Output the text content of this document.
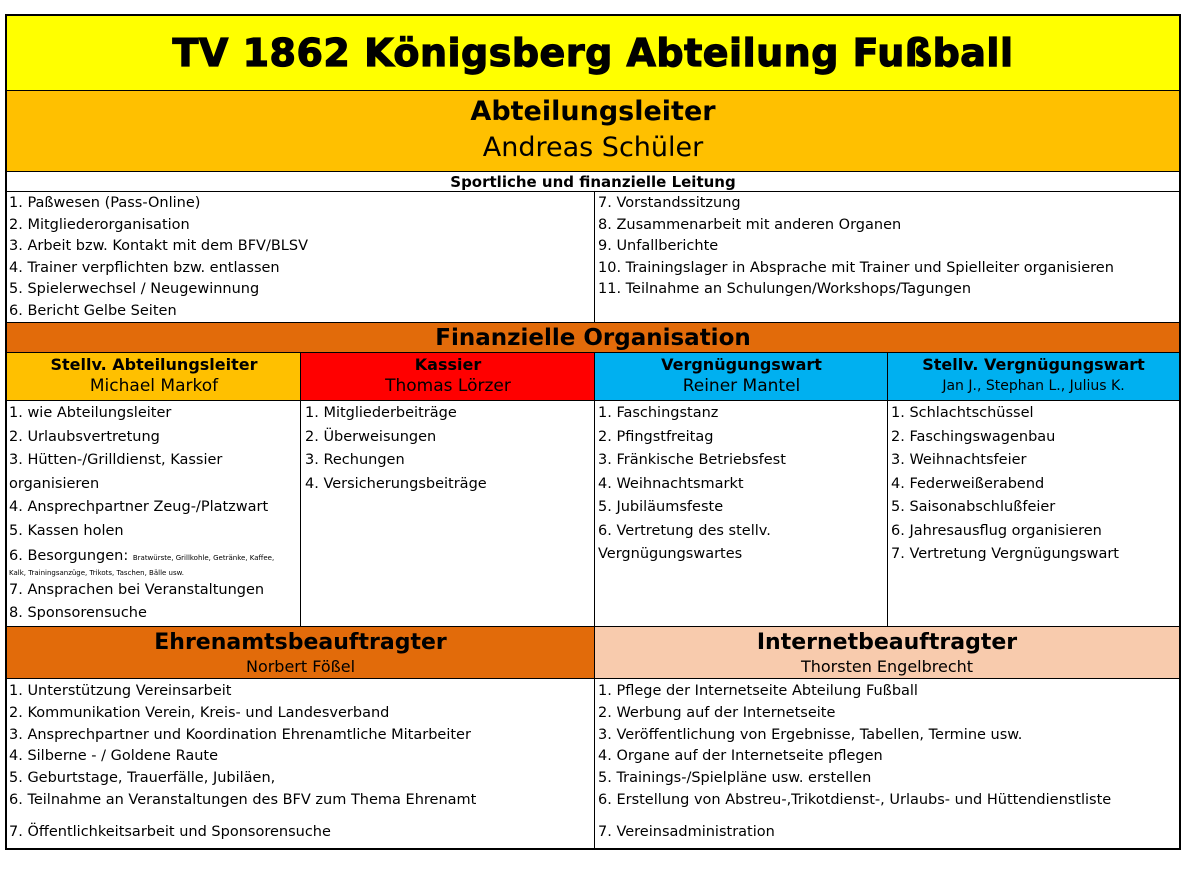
TV 1862 Königsberg Abteilung Fußball
Abteilungsleiter
Andreas Schüler
Sportliche und finanzielle Leitung
1. Paßwesen (Pass-Online)
2. Mitgliederorganisation
3. Arbeit bzw. Kontakt mit dem BFV/BLSV
4. Trainer verpflichten bzw. entlassen
5. Spielerwechsel / Neugewinnung
6. Bericht Gelbe Seiten
7. Vorstandssitzung
8. Zusammenarbeit mit anderen Organen
9. Unfallberichte
10. Trainingslager in Absprache mit Trainer und Spielleiter organisieren
11. Teilnahme an Schulungen/Workshops/Tagungen
Finanzielle Organisation
Stellv. Abteilungsleiter
Michael Markof
Kassier
Thomas Lörzer
Vergnügungswart
Reiner Mantel
Stellv. Vergnügungswart
Jan J., Stephan L., Julius K.
1. wie Abteilungsleiter
2. Urlaubsvertretung
3. Hütten-/Grilldienst, Kassier
organisieren
4. Ansprechpartner Zeug-/Platzwart
5. Kassen holen
6. Besorgungen: Bratwürste, Grillkohle, Getränke, Kaffee,
Kalk, Trainingsanzüge, Trikots, Taschen, Bälle usw.
7. Ansprachen bei Veranstaltungen
8. Sponsorensuche
1. Mitgliederbeiträge
2. Überweisungen
3. Rechungen
4. Versicherungsbeiträge
1. Faschingstanz
2. Pfingstfreitag
3. Fränkische Betriebsfest
4. Weihnachtsmarkt
5. Jubiläumsfeste
6. Vertretung des stellv.
Vergnügungswartes
1. Schlachtschüssel
2. Faschingswagenbau
3. Weihnachtsfeier
4. Federweißerabend
5. Saisonabschlußfeier
6. Jahresausflug organisieren
7. Vertretung Vergnügungswart
Ehrenamtsbeauftragter
Norbert Fößel
Internetbeauftragter
Thorsten Engelbrecht
1. Unterstützung Vereinsarbeit
2. Kommunikation Verein, Kreis- und Landesverband
3. Ansprechpartner und Koordination Ehrenamtliche Mitarbeiter
4. Silberne - / Goldene Raute
5. Geburtstage, Trauerfälle, Jubiläen,
6. Teilnahme an Veranstaltungen des BFV zum Thema Ehrenamt
7. Öffentlichkeitsarbeit und Sponsorensuche
1. Pflege der Internetseite Abteilung Fußball
2. Werbung auf der Internetseite
3. Veröffentlichung von Ergebnisse, Tabellen, Termine usw.
4. Organe auf der Internetseite pflegen
5. Trainings-/Spielpläne usw. erstellen
6. Erstellung von Abstreu-,Trikotdienst-, Urlaubs- und Hüttendienstliste
7. Vereinsadministration
